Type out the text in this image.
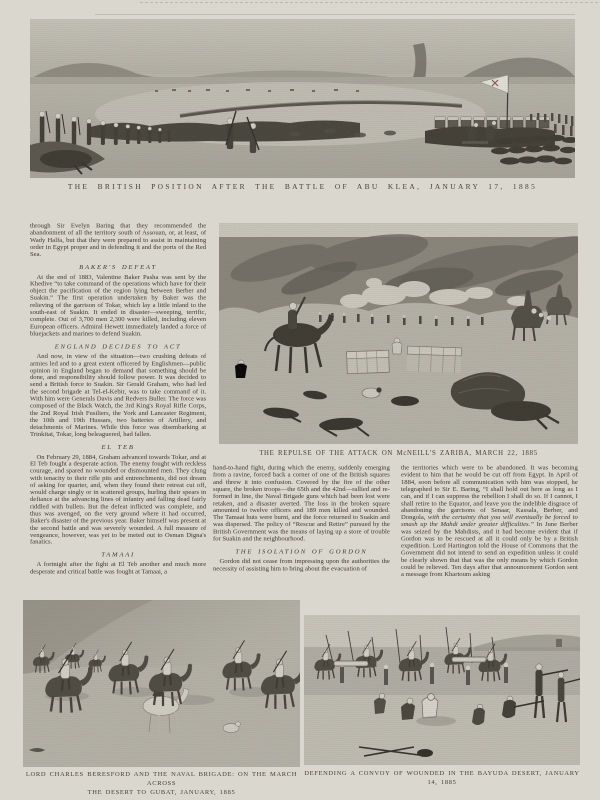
THE BRITISH POSITION AFTER THE BATTLE OF ABU KLEA, JANUARY 17, 1885

through Sir Evelyn Baring that they recommended the abandonment of all the territory south of Assouan, or, at least, of Wady Halfa, but that they were prepared to assist in maintaining order in Egypt proper and in defending it and the ports of the Red Sea.

BAKER'S DEFEAT

At the end of 1883, Valentine Baker Pasha was sent by the Khedive “to take command of the operations which have for their object the pacification of the region lying between Berber and Suakin.” The first operation undertaken by Baker was the relieving of the garrison of Tokar, which lay a little inland to the south-east of Suakin. It ended in disaster—sweeping, terrific, complete. Out of 3,700 men 2,300 were killed, including eleven European officers. Admiral Hewett immediately landed a force of bluejackets and marines to defend Suakin.

ENGLAND DECIDES TO ACT

And now, in view of the situation—two crushing defeats of armies led and to a great extent officered by Englishmen—public opinion in England began to demand that something should be done, and responsibility should follow power. It was decided to send a British force to Suakin. Sir Gerald Graham, who had led the second brigade at Tel-el-Kebir, was to take command of it. With him were Generals Davis and Redvers Buller. The force was composed of the Black Watch, the 3rd King's Royal Rifle Corps, the 2nd Royal Irish Fusiliers, the York and Lancaster Regiment, the 10th and 19th Hussars, two batteries of Artillery, and detachments of Marines. While this force was disembarking at Trinkitat, Tokar, long beleaguered, had fallen.

EL TEB

On February 29, 1884, Graham advanced towards Tokar, and at El Teb fought a desperate action. The enemy fought with reckless courage, and spared no wounded or dismounted men. They clung with tenacity to their rifle pits and entrenchments, did not dream of asking for quarter, and, when they found their retreat cut off, would charge singly or in scattered groups, hurling their spears in defiance at the advancing lines of infantry and falling dead fairly riddled with bullets. But the defeat inflicted was complete, and thus was avenged, on the very ground where it had occurred, Baker's disaster of the previous year. Baker himself was present at the second battle and was severely wounded. A full measure of vengeance, however, was yet to be meted out to Osman Digna's fanatics.

TAMAAI

A fortnight after the fight at El Teb another and much more desperate and critical battle was fought at Tamaai, a

THE REPULSE OF THE ATTACK ON McNEILL'S ZARIBA, MARCH 22, 1885

hand-to-hand fight, during which the enemy, suddenly emerging from a ravine, forced back a corner of one of the British squares and threw it into confusion. Covered by the fire of the other square, the broken troops—the 65th and the 42nd—rallied and re-formed in line, the Naval Brigade guns which had been lost were retaken, and a disaster averted. The loss in the broken square amounted to twelve officers and 189 men killed and wounded. The Tamaai huts were burnt, and the force returned to Suakin and was dispersed. The policy of “Rescue and Retire” pursued by the British Government was the means of laying up a store of trouble for Suakin and the neighbourhood.

THE ISOLATION OF GORDON

Gordon did not cease from impressing upon the authorities the necessity of assisting him to bring about the evacuation of

the territories which were to be abandoned. It was becoming evident to him that he would be cut off from Egypt. In April of 1884, soon before all communication with him was stopped, he telegraphed to Sir E. Baring, “I shall hold out here as long as I can, and if I can suppress the rebellion I shall do so. If I cannot, I shall retire to the Equator, and leave you the indelible disgrace of abandoning the garrisons of Senaar, Kassala, Berber, and Dongola, with the certainty that you will eventually be forced to smash up the Mahdi under greater difficulties.” In June Berber was seized by the Mahdists, and it had become evident that if Gordon was to be rescued at all it could only be by a British expedition. Lord Hartington told the House of Commons that the Government did not intend to send an expedition unless it could be clearly shown that that was the only means by which Gordon could be relieved. Ten days after that announcement Gordon sent a message from Khartoum asking

LORD CHARLES BERESFORD AND THE NAVAL BRIGADE: ON THE MARCH ACROSS
THE DESERT TO GUBAT, JANUARY, 1885
DEFENDING A CONVOY OF WOUNDED IN THE BAYUDA DESERT, JANUARY 14, 1885
